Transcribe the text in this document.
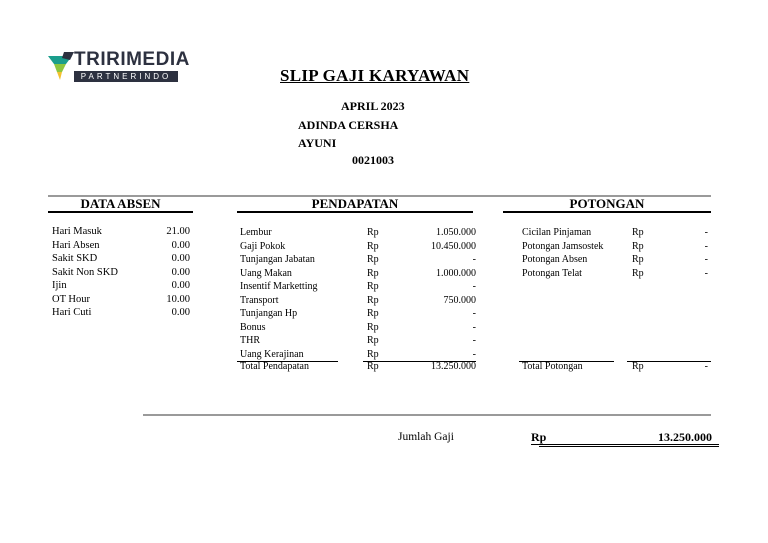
TRIRIMEDIA
PARTNERINDO	SLIP GAJI KARYAWAN
APRIL 2023
ADINDA CERSHA
AYUNI
0021003
DATA ABSEN	PENDAPATAN	POTONGAN
Hari Masuk	21.00
Hari Absen	0.00
Sakit SKD	0.00
Sakit Non SKD	0.00
Ijin	0.00
OT Hour	10.00
Hari Cuti	0.00
Lembur	Rp	1.050.000
Gaji Pokok	Rp	10.450.000
Tunjangan Jabatan	Rp	-
Uang Makan	Rp	1.000.000
Insentif Marketting	Rp	-
Transport	Rp	750.000
Tunjangan Hp	Rp	-
Bonus	Rp	-
THR	Rp	-
Uang Kerajinan	Rp	-
Total Pendapatan	Rp	13.250.000
Cicilan Pinjaman	Rp	-
Potongan Jamsostek	Rp	-
Potongan Absen	Rp	-
Potongan Telat	Rp	-
Total Potongan	Rp	-
Jumlah Gaji	Rp	13.250.000
